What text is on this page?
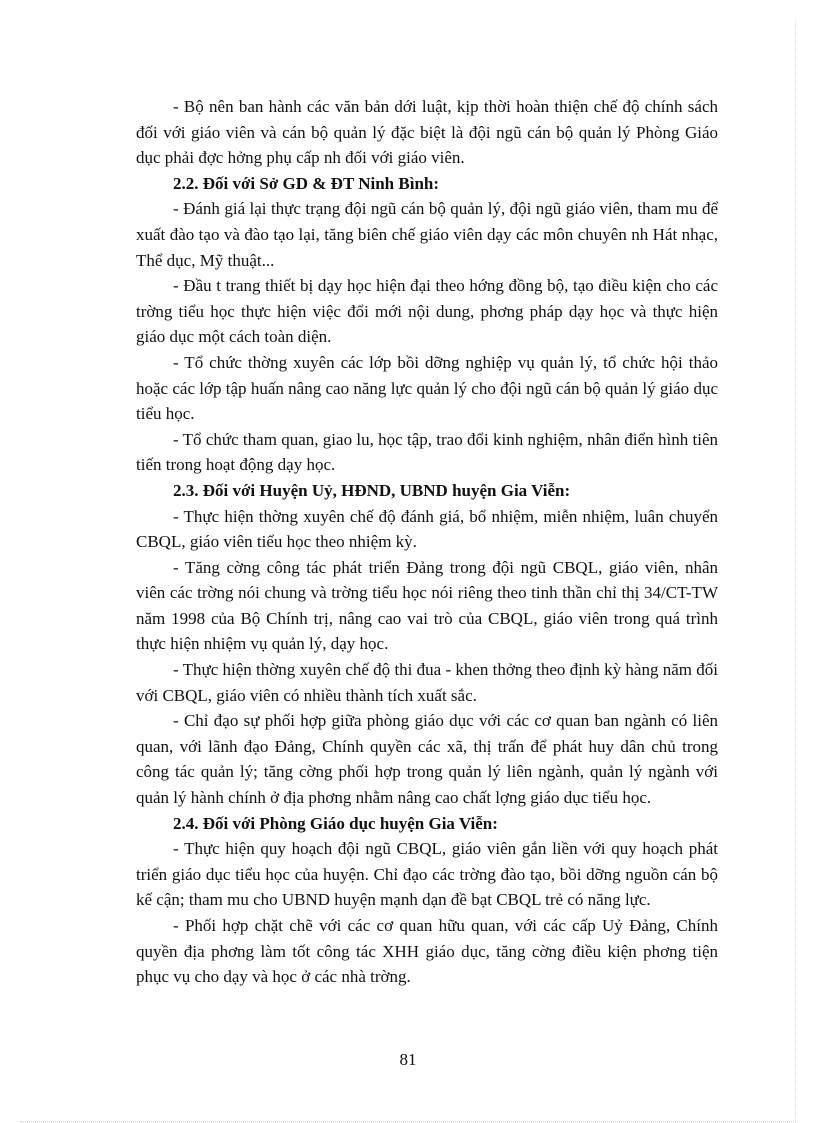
- Bộ nên ban hành các văn bản dới luật, kịp thời hoàn thiện chế độ chính sách đối với giáo viên và cán bộ quản lý đặc biệt là đội ngũ cán bộ quản lý Phòng Giáo dục phải đợc hởng phụ cấp nh đối với giáo viên.

2.2. Đối với Sở GD & ĐT Ninh Bình:

- Đánh giá lại thực trạng đội ngũ cán bộ quản lý, đội ngũ giáo viên, tham mu để xuất đào tạo và đào tạo lại, tăng biên chế giáo viên dạy các môn chuyên nh Hát nhạc, Thể dục, Mỹ thuật...

- Đầu t trang thiết bị dạy học hiện đại theo hớng đồng bộ, tạo điều kiện cho các trờng tiểu học thực hiện việc đổi mới nội dung, phơng pháp dạy học và thực hiện giáo dục một cách toàn diện.

- Tổ chức thờng xuyên các lớp bồi dỡng nghiệp vụ quản lý, tổ chức hội thảo hoặc các lớp tập huấn nâng cao năng lực quản lý cho đội ngũ cán bộ quản lý giáo dục tiểu học.

- Tổ chức tham quan, giao lu, học tập, trao đổi kinh nghiệm, nhân điển hình tiên tiến trong hoạt động dạy học.

2.3. Đối với Huyện Uỷ, HĐND, UBND huyện Gia Viễn:

- Thực hiện thờng xuyên chế độ đánh giá, bổ nhiệm, miễn nhiệm, luân chuyển CBQL, giáo viên tiểu học theo nhiệm kỳ.

- Tăng cờng công tác phát triển Đảng trong đội ngũ CBQL, giáo viên, nhân viên các trờng nói chung và trờng tiểu học nói riêng theo tinh thần chỉ thị 34/CT-TW năm 1998 của Bộ Chính trị, nâng cao vai trò của CBQL, giáo viên trong quá trình thực hiện nhiệm vụ quản lý, dạy học.

- Thực hiện thờng xuyên chế độ thi đua - khen thởng theo định kỳ hàng năm đối với CBQL, giáo viên có nhiều thành tích xuất sắc.

- Chỉ đạo sự phối hợp giữa phòng giáo dục với các cơ quan ban ngành có liên quan, với lãnh đạo Đảng, Chính quyền các xã, thị trấn để phát huy dân chủ trong công tác quản lý; tăng cờng phối hợp trong quản lý liên ngành, quản lý ngành với quản lý hành chính ở địa phơng nhằm nâng cao chất lợng giáo dục tiểu học.

2.4. Đối với Phòng Giáo dục huyện Gia Viễn:

- Thực hiện quy hoạch đội ngũ CBQL, giáo viên gắn liền với quy hoạch phát triển giáo dục tiểu học của huyện. Chỉ đạo các trờng đào tạo, bồi dỡng nguồn cán bộ kế cận; tham mu cho UBND huyện mạnh dạn đề bạt CBQL trẻ có năng lực.

- Phối hợp chặt chẽ với các cơ quan hữu quan, với các cấp Uỷ Đảng, Chính quyền địa phơng làm tốt công tác XHH giáo dục, tăng cờng điều kiện phơng tiện phục vụ cho dạy và học ở các nhà trờng.

81
